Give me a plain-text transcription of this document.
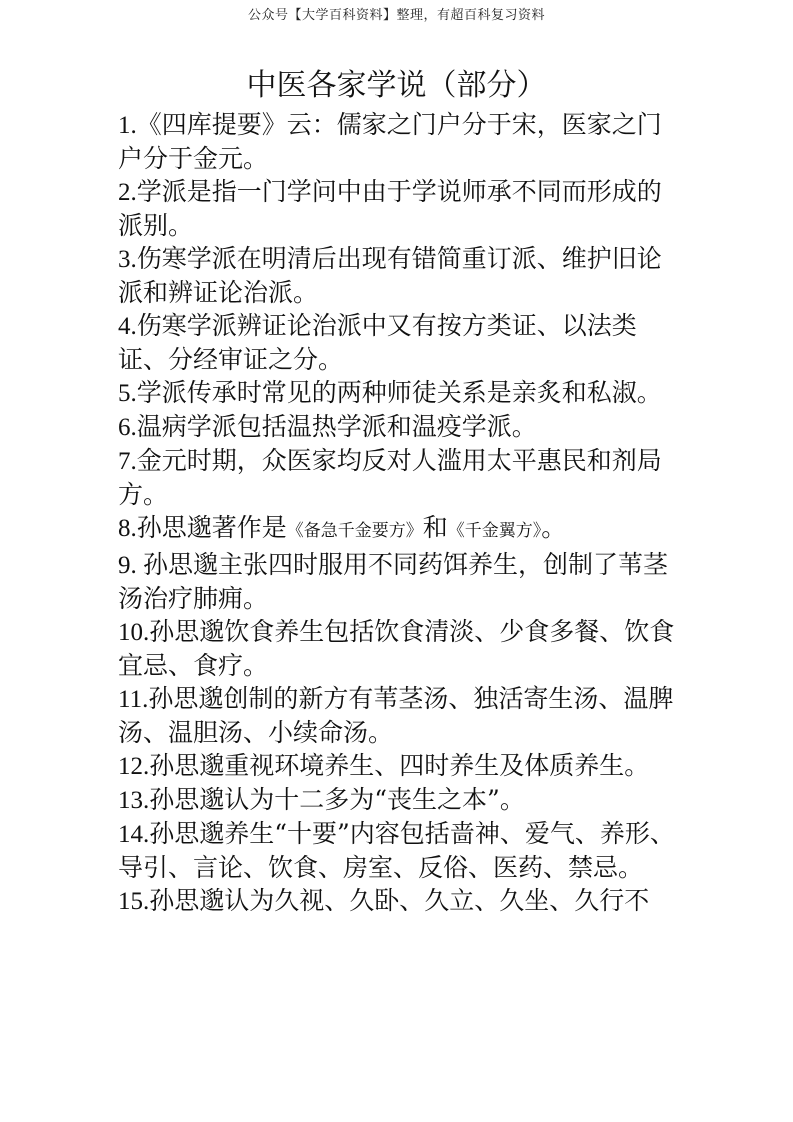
公众号【大学百科资料】整理，有超百科复习资料
中医各家学说（部分）

1.《四库提要》云：儒家之门户分于宋，医家之门户分于金元。

2.学派是指一门学问中由于学说师承不同而形成的派别。

3.伤寒学派在明清后出现有错简重订派、维护旧论派和辨证论治派。

4.伤寒学派辨证论治派中又有按方类证、以法类证、分经审证之分。

5.学派传承时常见的两种师徒关系是亲炙和私淑。

6.温病学派包括温热学派和温疫学派。

7.金元时期，众医家均反对人滥用太平惠民和剂局方。

8.孙思邈著作是《备急千金要方》和《千金翼方》。

9. 孙思邈主张四时服用不同药饵养生，创制了苇茎汤治疗肺痈。

10.孙思邈饮食养生包括饮食清淡、少食多餐、饮食宜忌、食疗。

11.孙思邈创制的新方有苇茎汤、独活寄生汤、温脾汤、温胆汤、小续命汤。

12.孙思邈重视环境养生、四时养生及体质养生。

13.孙思邈认为十二多为“丧生之本”。

14.孙思邈养生“十要”内容包括啬神、爱气、养形、导引、言论、饮食、房室、反俗、医药、禁忌。

15.孙思邈认为久视、久卧、久立、久坐、久行不
